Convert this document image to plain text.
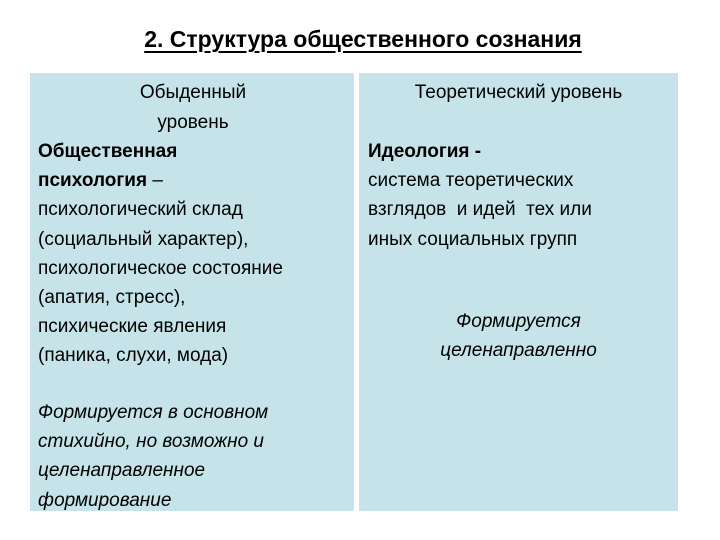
2. Структура общественного сознания
Обыденный
уровень
Общественная
психология –
психологический склад
(социальный характер),
психологическое состояние
(апатия, стресс),
психические явления
(паника, слухи, мода)
Формируется в основном
стихийно, но возможно и
целенаправленное
формирование
Теоретический уровень
Идеология -
система теоретических
взглядов  и идей  тех или
иных социальных групп
Формируется
целенаправленно
